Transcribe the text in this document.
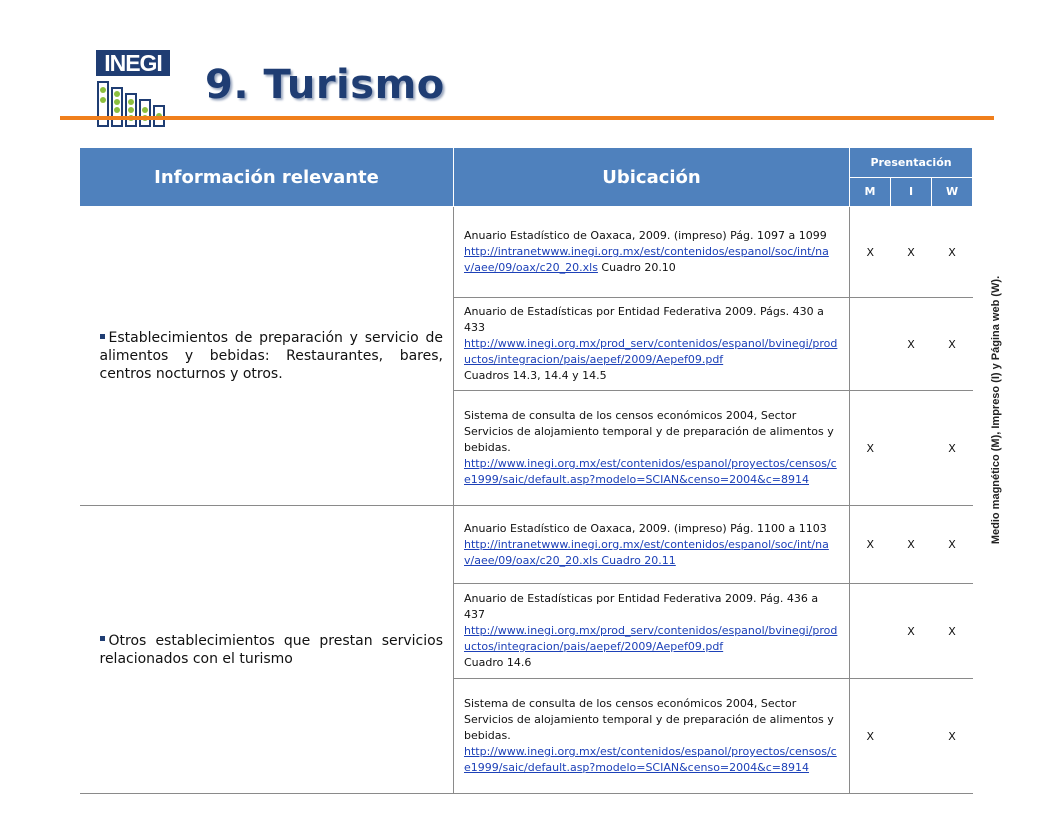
INEGI 9. Turismo
Medio magnético (M), Impreso (I) y Página web (W).
Información relevante	Ubicación	Presentación		
		M	I	W
Establecimientos de preparación y servicio de alimentos y bebidas: Restaurantes, bares, centros nocturnos y otros.	Anuario Estadístico de Oaxaca, 2009. (impreso) Pág. 1097 a 1099
http://intranetwww.inegi.org.mx/est/contenidos/espanol/soc/int/nav/aee/09/oax/c20_20.xls Cuadro 20.10	X	X	X
	Anuario de Estadísticas por Entidad Federativa 2009. Págs. 430 a 433
http://www.inegi.org.mx/prod_serv/contenidos/espanol/bvinegi/productos/integracion/pais/aepef/2009/Aepef09.pdf
Cuadros 14.3, 14.4 y 14.5		X	X
	Sistema de consulta de los censos económicos 2004, Sector Servicios de alojamiento temporal y de preparación de alimentos y bebidas.
http://www.inegi.org.mx/est/contenidos/espanol/proyectos/censos/ce1999/saic/default.asp?modelo=SCIAN&censo=2004&c=8914	X		X
Otros establecimientos que prestan servicios relacionados con el turismo	Anuario Estadístico de Oaxaca, 2009. (impreso) Pág. 1100 a 1103
http://intranetwww.inegi.org.mx/est/contenidos/espanol/soc/int/nav/aee/09/oax/c20_20.xls Cuadro 20.11	X	X	X
	Anuario de Estadísticas por Entidad Federativa 2009. Pág. 436 a 437
http://www.inegi.org.mx/prod_serv/contenidos/espanol/bvinegi/productos/integracion/pais/aepef/2009/Aepef09.pdf
Cuadro 14.6		X	X
	Sistema de consulta de los censos económicos 2004, Sector Servicios de alojamiento temporal y de preparación de alimentos y bebidas.
http://www.inegi.org.mx/est/contenidos/espanol/proyectos/censos/ce1999/saic/default.asp?modelo=SCIAN&censo=2004&c=8914	X		X
